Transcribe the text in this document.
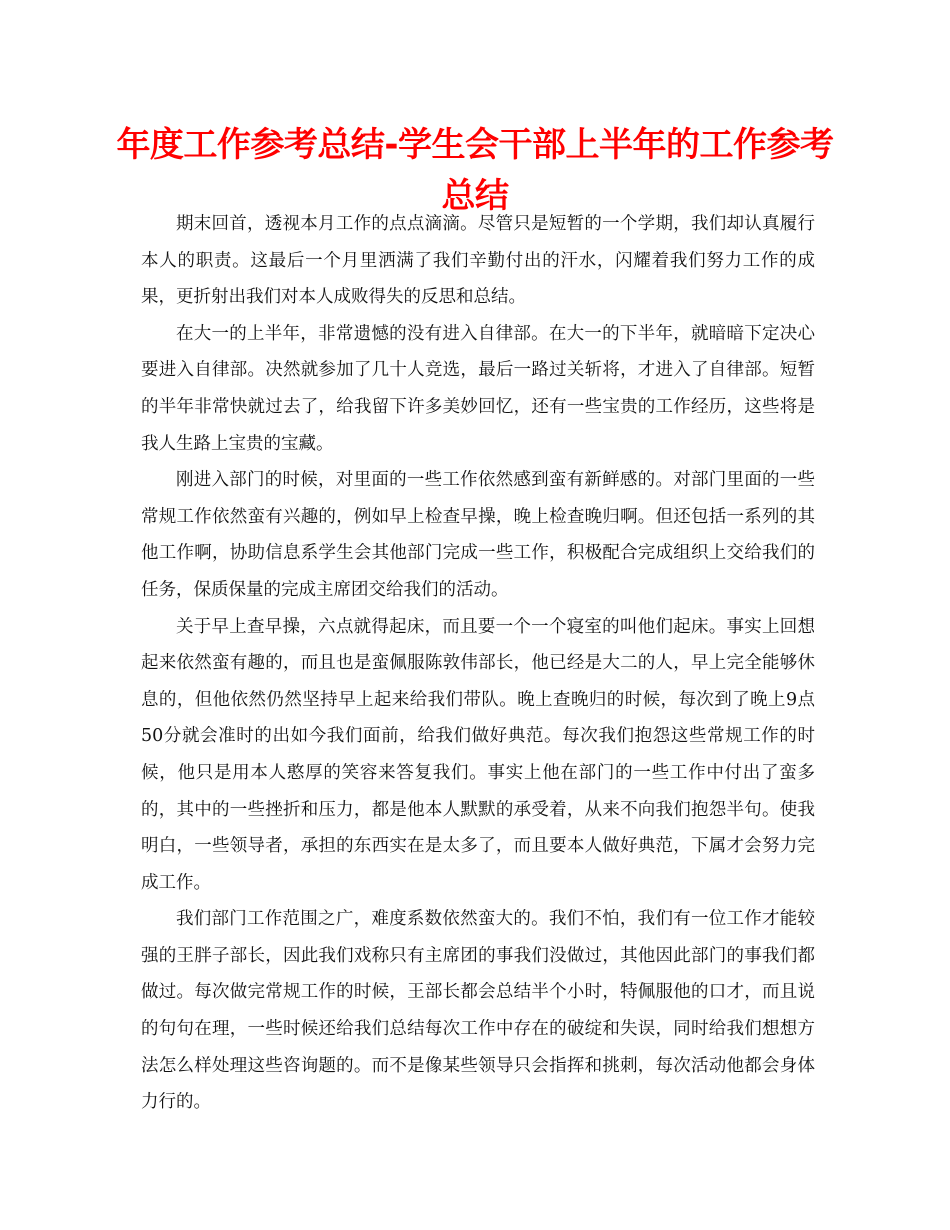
年度工作参考总结-学生会干部上半年的工作参考总结

期末回首，透视本月工作的点点滴滴。尽管只是短暂的一个学期，我们却认真履行本人的职责。这最后一个月里洒满了我们辛勤付出的汗水，闪耀着我们努力工作的成果，更折射出我们对本人成败得失的反思和总结。

在大一的上半年，非常遗憾的没有进入自律部。在大一的下半年，就暗暗下定决心要进入自律部。决然就参加了几十人竞选，最后一路过关斩将，才进入了自律部。短暂的半年非常快就过去了，给我留下许多美妙回忆，还有一些宝贵的工作经历，这些将是我人生路上宝贵的宝藏。

刚进入部门的时候，对里面的一些工作依然感到蛮有新鲜感的。对部门里面的一些常规工作依然蛮有兴趣的，例如早上检查早操，晚上检查晚归啊。但还包括一系列的其他工作啊，协助信息系学生会其他部门完成一些工作，积极配合完成组织上交给我们的任务，保质保量的完成主席团交给我们的活动。

关于早上查早操，六点就得起床，而且要一个一个寝室的叫他们起床。事实上回想起来依然蛮有趣的，而且也是蛮佩服陈敦伟部长，他已经是大二的人，早上完全能够休息的，但他依然仍然坚持早上起来给我们带队。晚上查晚归的时候，每次到了晚上9点50分就会准时的出如今我们面前，给我们做好典范。每次我们抱怨这些常规工作的时候，他只是用本人憨厚的笑容来答复我们。事实上他在部门的一些工作中付出了蛮多的，其中的一些挫折和压力，都是他本人默默的承受着，从来不向我们抱怨半句。使我明白，一些领导者，承担的东西实在是太多了，而且要本人做好典范，下属才会努力完成工作。

我们部门工作范围之广，难度系数依然蛮大的。我们不怕，我们有一位工作才能较强的王胖子部长，因此我们戏称只有主席团的事我们没做过，其他因此部门的事我们都做过。每次做完常规工作的时候，王部长都会总结半个小时，特佩服他的口才，而且说的句句在理，一些时候还给我们总结每次工作中存在的破绽和失误，同时给我们想想方法怎么样处理这些咨询题的。而不是像某些领导只会指挥和挑刺，每次活动他都会身体力行的。
